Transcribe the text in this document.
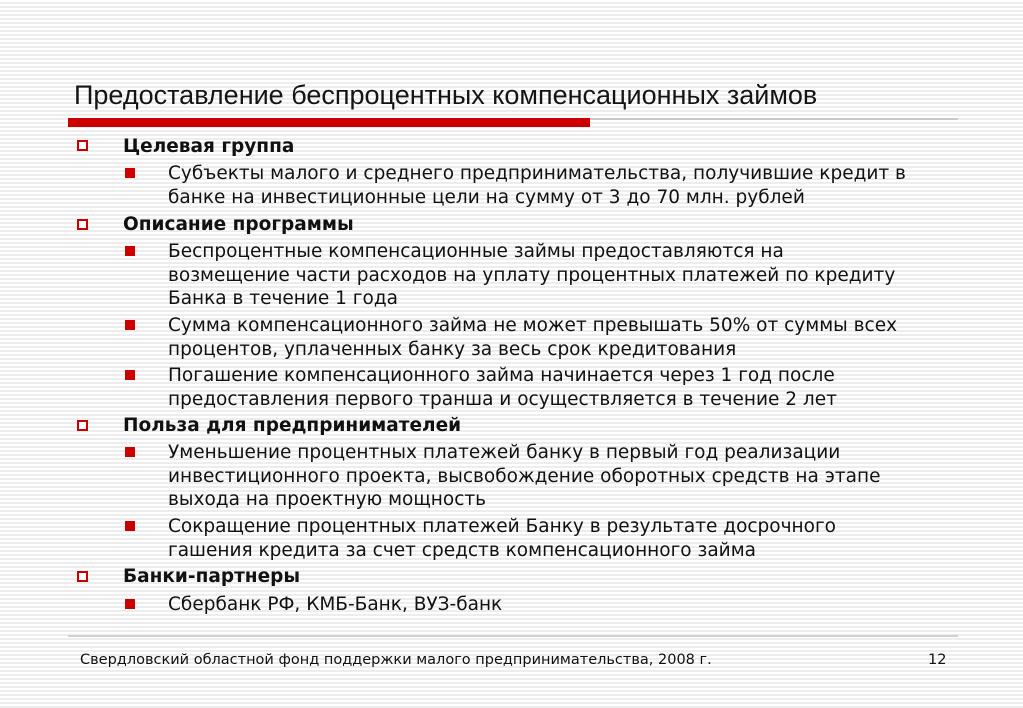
Предоставление беспроцентных компенсационных займов
Целевая группа
Субъекты малого и среднего предпринимательства, получившие кредит в
банке на инвестиционные цели на сумму от 3 до 70 млн. рублей
Описание программы
Беспроцентные компенсационные займы предоставляются на
возмещение части расходов на уплату процентных платежей по кредиту
Банка в течение 1 года
Сумма компенсационного займа не может превышать 50% от суммы всех
процентов, уплаченных банку за весь срок кредитования
Погашение компенсационного займа начинается через 1 год после
предоставления первого транша и осуществляется в течение 2 лет
Польза для предпринимателей
Уменьшение процентных платежей банку в первый год реализации
инвестиционного проекта, высвобождение оборотных средств на этапе
выхода на проектную мощность
Сокращение процентных платежей Банку в результате досрочного
гашения кредита за счет средств компенсационного займа
Банки-партнеры
Сбербанк РФ, КМБ-Банк, ВУЗ-банк
Свердловский областной фонд поддержки малого предпринимательства, 2008 г.	12
